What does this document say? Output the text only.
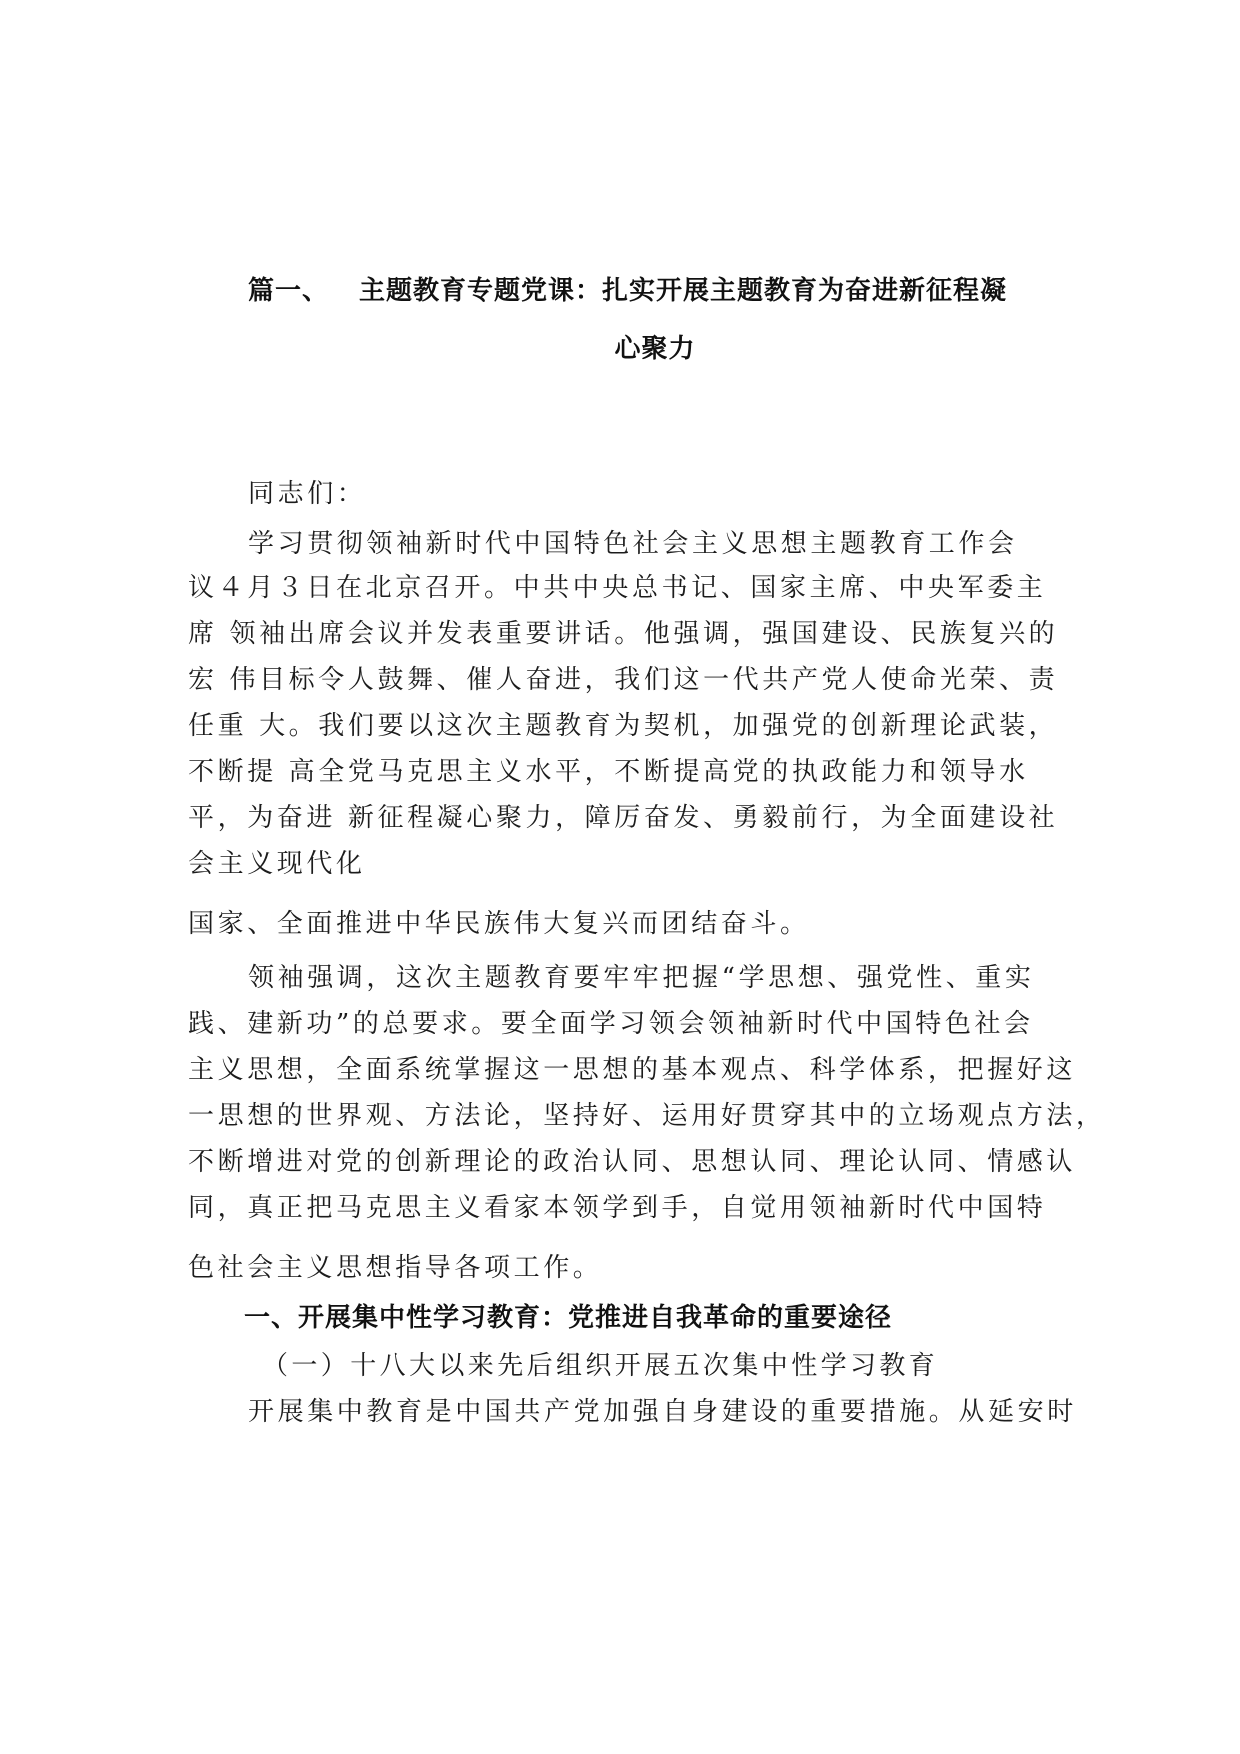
篇一、 主题教育专题党课：扎实开展主题教育为奋进新征程凝
心聚力
同志们：
学习贯彻领袖新时代中国特色社会主义思想主题教育工作会
议４月３日在北京召开。中共中央总书记、国家主席、中央军委主
席 领袖出席会议并发表重要讲话。他强调，强国建设、民族复兴的
宏 伟目标令人鼓舞、催人奋进，我们这一代共产党人使命光荣、责
任重 大。我们要以这次主题教育为契机，加强党的创新理论武装，
不断提 高全党马克思主义水平，不断提高党的执政能力和领导水
平，为奋进 新征程凝心聚力，障厉奋发、勇毅前行，为全面建设社
会主义现代化
国家、全面推进中华民族伟大复兴而团结奋斗。
领袖强调，这次主题教育要牢牢把握“学思想、强党性、重实
践、建新功”的总要求。要全面学习领会领袖新时代中国特色社会
主义思想，全面系统掌握这一思想的基本观点、科学体系，把握好这
一思想的世界观、方法论，坚持好、运用好贯穿其中的立场观点方法，
不断增进对党的创新理论的政治认同、思想认同、理论认同、情感认
同，真正把马克思主义看家本领学到手，自觉用领袖新时代中国特
色社会主义思想指导各项工作。
一、开展集中性学习教育：党推进自我革命的重要途径
（一）十八大以来先后组织开展五次集中性学习教育
开展集中教育是中国共产党加强自身建设的重要措施。从延安时
